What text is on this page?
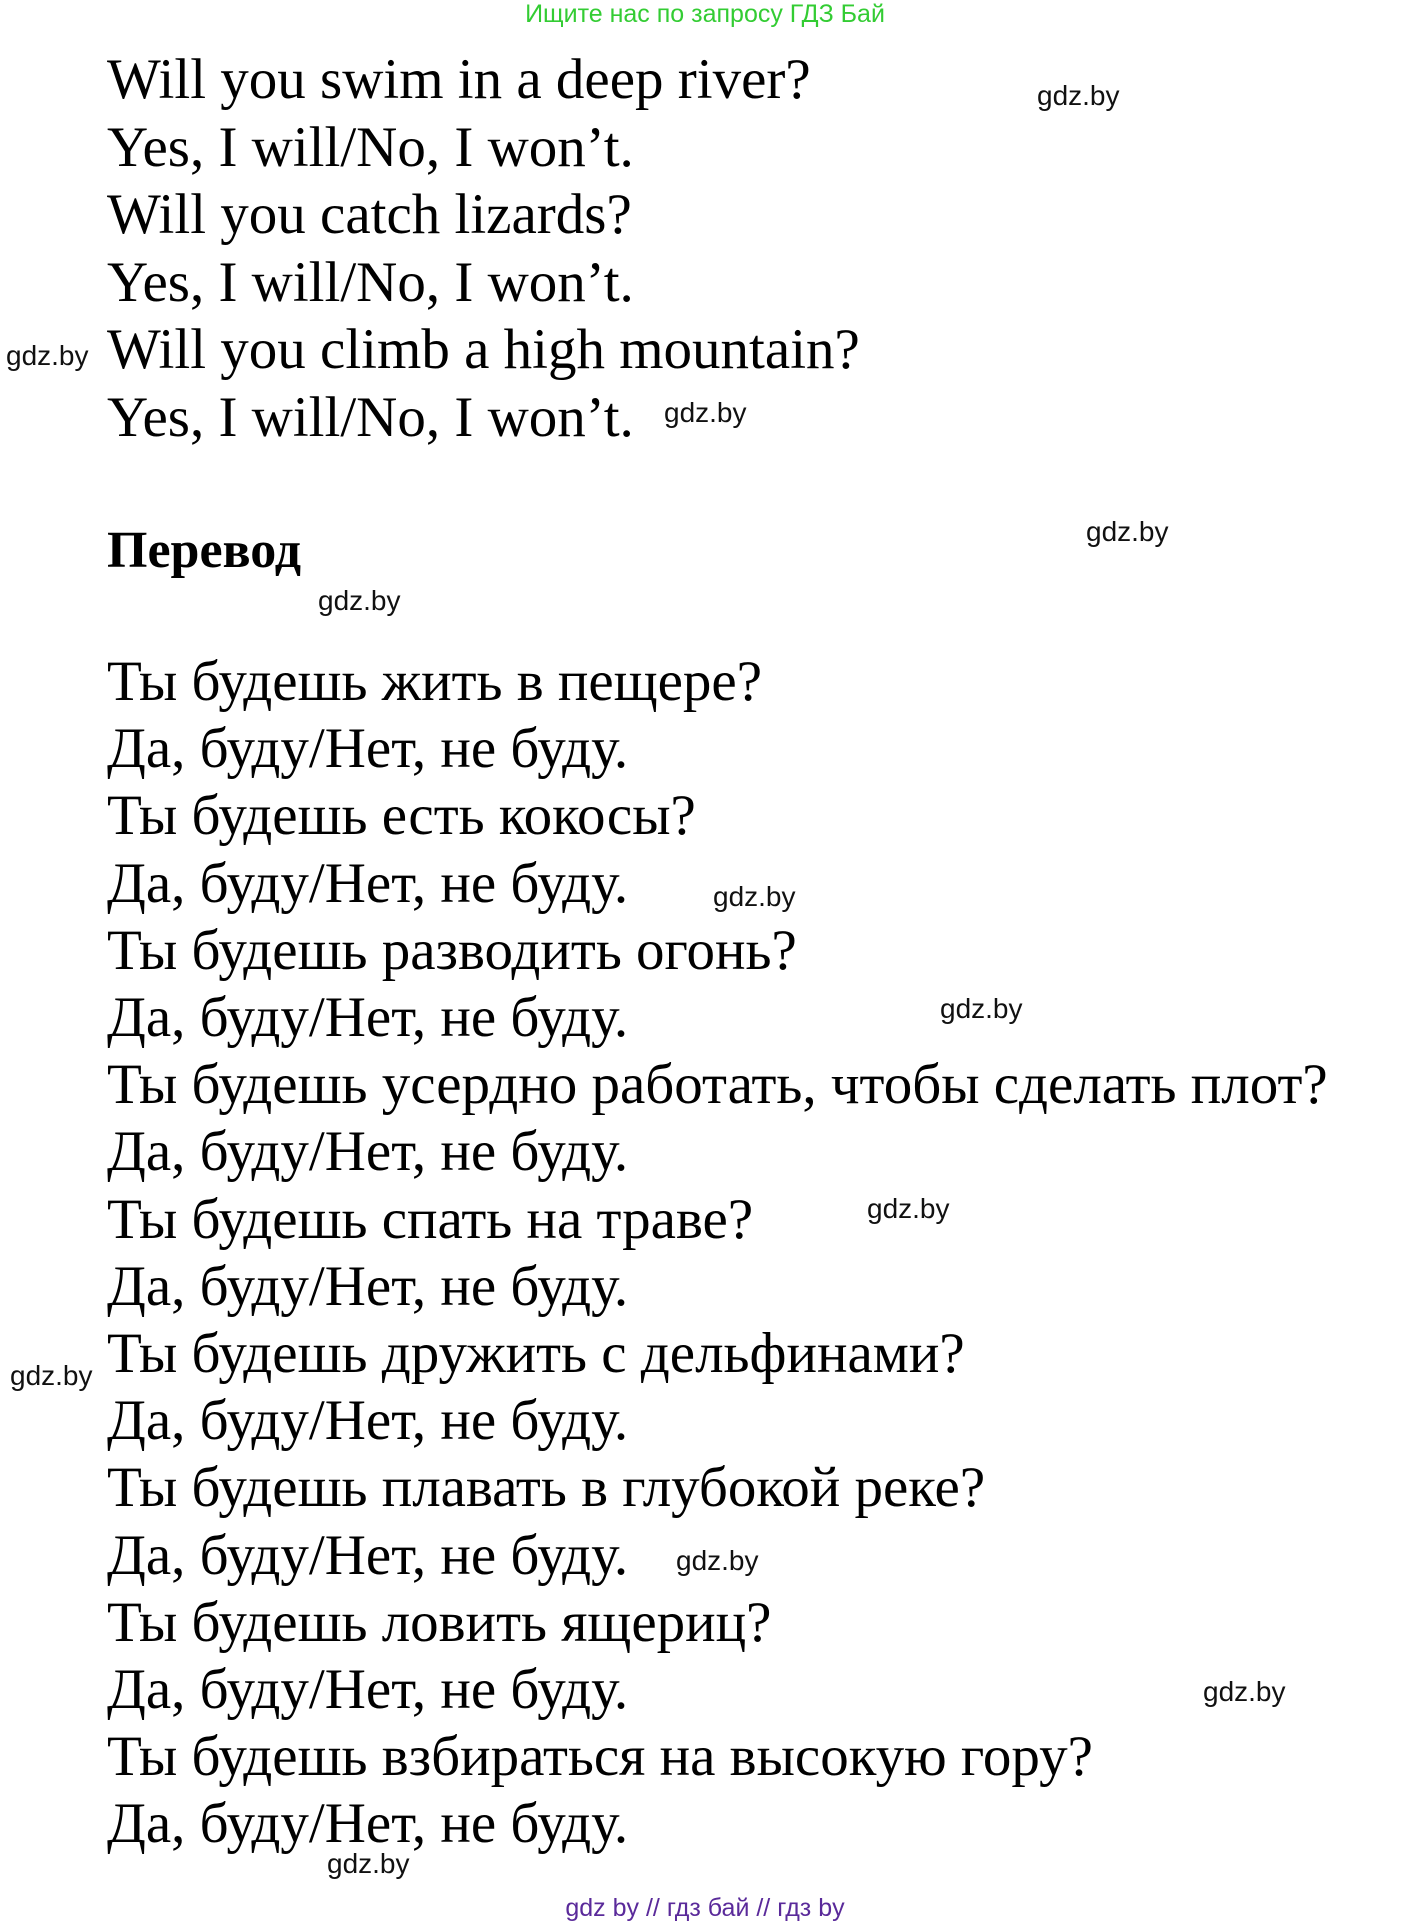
Ищите нас по запросу ГДЗ Бай
Will you swim in a deep river?
Yes, I will/No, I won’t.
Will you catch lizards?
Yes, I will/No, I won’t.
Will you climb a high mountain?
Yes, I will/No, I won’t.
Перевод
Ты будешь жить в пещере?
Да, буду/Нет, не буду.
Ты будешь есть кокосы?
Да, буду/Нет, не буду.
Ты будешь разводить огонь?
Да, буду/Нет, не буду.
Ты будешь усердно работать, чтобы сделать плот?
Да, буду/Нет, не буду.
Ты будешь спать на траве?
Да, буду/Нет, не буду.
Ты будешь дружить с дельфинами?
Да, буду/Нет, не буду.
Ты будешь плавать в глубокой реке?
Да, буду/Нет, не буду.
Ты будешь ловить ящериц?
Да, буду/Нет, не буду.
Ты будешь взбираться на высокую гору?
Да, буду/Нет, не буду.
gdz.by
gdz.by
gdz.by
gdz.by
gdz.by
gdz.by
gdz.by
gdz.by
gdz.by
gdz.by
gdz.by
gdz.by
gdz by // гдз бай // гдз by
